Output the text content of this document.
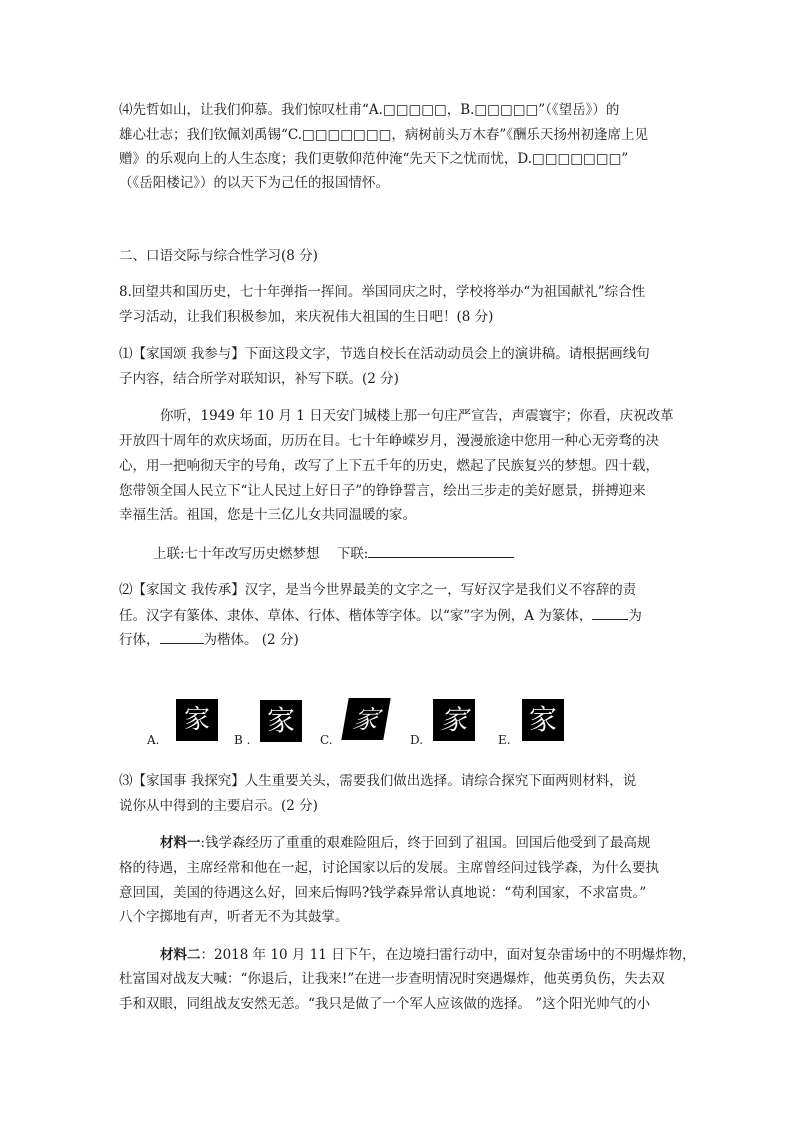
⑷先哲如山，让我们仰慕。我们惊叹杜甫“A.□□□□□，B.□□□□□”（《望岳》）的

雄心壮志；我们钦佩刘禹锡“C.□□□□□□□，病树前头万木春”《酬乐天扬州初逢席上见

赠》的乐观向上的人生态度；我们更敬仰范仲淹“先天下之忧而忧，D.□□□□□□□”

（《岳阳楼记》）的以天下为己任的报国情怀。

二、口语交际与综合性学习(8 分)

8.回望共和国历史，七十年弹指一挥间。举国同庆之时，学校将举办“为祖国献礼”综合性

学习活动，让我们积极参加，来庆祝伟大祖国的生日吧！(8 分)

⑴【家国颂 我参与】下面这段文字，节选自校长在活动动员会上的演讲稿。请根据画线句

子内容，结合所学对联知识，补写下联。(2 分)

你听，1949 年 10 月 1 日天安门城楼上那一句庄严宣告，声震寰宇；你看，庆祝改革

开放四十周年的欢庆场面，历历在目。七十年峥嵘岁月，漫漫旅途中您用一种心无旁骛的决

心，用一把响彻天宇的号角，改写了上下五千年的历史，燃起了民族复兴的梦想。四十载，

您带领全国人民立下“让人民过上好日子”的铮铮誓言，绘出三步走的美好愿景，拼搏迎来

幸福生活。祖国，您是十三亿儿女共同温暖的家。

上联:七十年改写历史燃梦想 下联:

⑵【家国文 我传承】汉字，是当今世界最美的文字之一，写好汉字是我们义不容辞的责

任。汉字有篆体、隶体、草体、行体、楷体等字体。以“家”字为例，A 为篆体，	为

行体，	为楷体。 (2 分)

A.
家
B .
家
C.
家
D.
家
E.
家

⑶【家国事 我探究】人生重要关头，需要我们做出选择。请综合探究下面两则材料，说

说你从中得到的主要启示。(2 分)

材料一:钱学森经历了重重的艰难险阻后，终于回到了祖国。回国后他受到了最高规

格的待遇，主席经常和他在一起，讨论国家以后的发展。主席曾经问过钱学森，为什么要执

意回国，美国的待遇这么好，回来后悔吗?钱学森异常认真地说：“苟利国家，不求富贵。”

八个字掷地有声，听者无不为其鼓掌。

材料二：2018 年 10 月 11 日下午，在边境扫雷行动中，面对复杂雷场中的不明爆炸物，

杜富国对战友大喊：“你退后，让我来!”在进一步查明情况时突遇爆炸，他英勇负伤，失去双

手和双眼，同组战友安然无恙。“我只是做了一个军人应该做的选择。 ”这个阳光帅气的小
